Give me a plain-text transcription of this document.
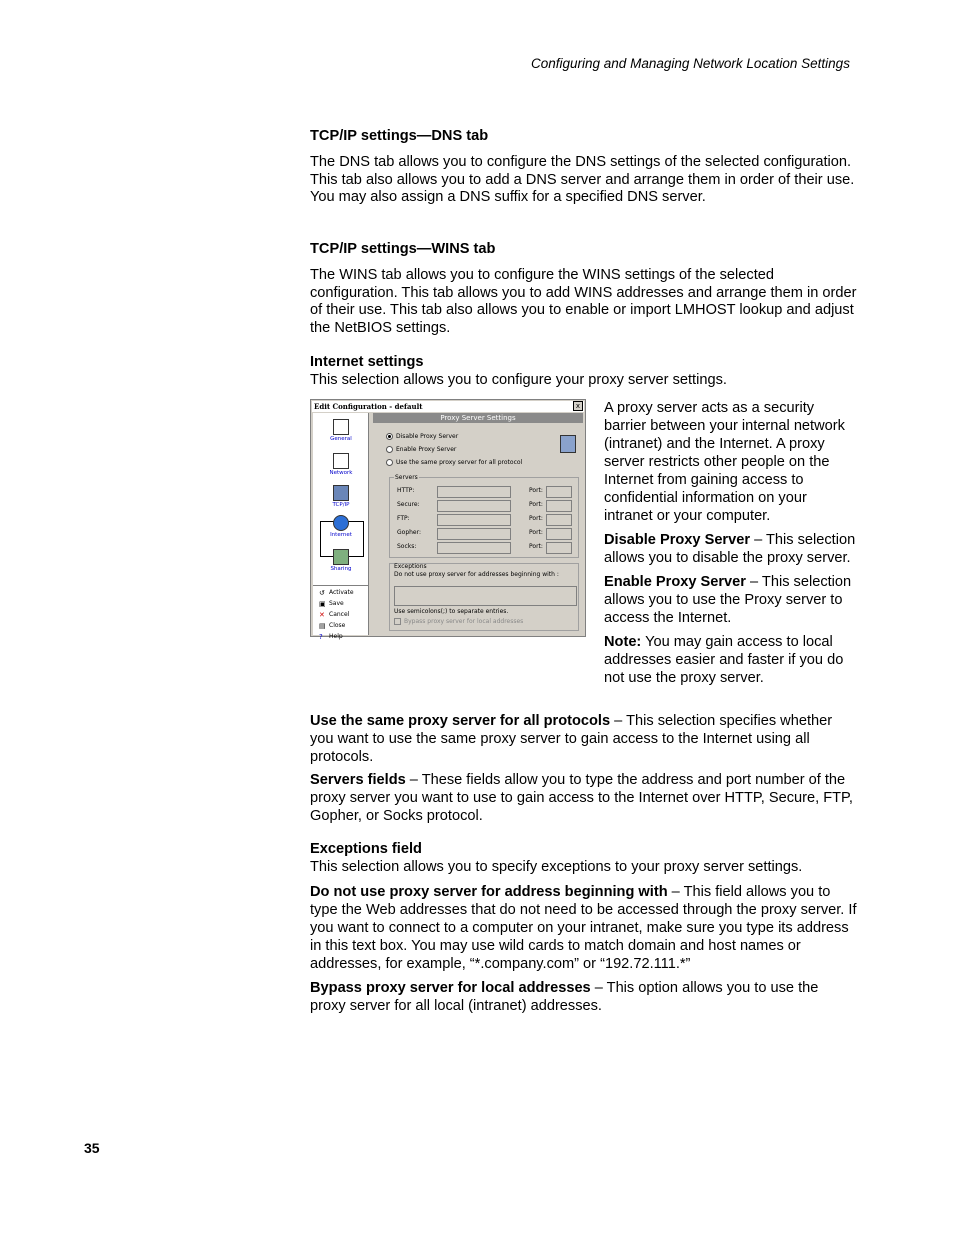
Configuring and Managing Network Location Settings

TCP/IP settings—DNS tab

The DNS tab allows you to configure the DNS settings of the selected configuration. This tab also allows you to add a DNS server and arrange them in order of their use. You may also assign a DNS suffix for a specified DNS server.

TCP/IP settings—WINS tab

The WINS tab allows you to configure the WINS settings of the selected configuration. This tab allows you to add WINS addresses and arrange them in order of their use. This tab also allows you to enable or import LMHOST lookup and adjust the NetBIOS settings.

Internet settings

This selection allows you to configure your proxy server settings.

Edit Configuration - default	x
General
Network
TCP/IP
Internet
Sharing
↺ Activate
▣ Save
✕ Cancel
▤ Close
? Help
Proxy Server Settings
Disable Proxy Server
Enable Proxy Server
Use the same proxy server for all protocol
Servers
HTTP:	Port:
Secure:	Port:
FTP:	Port:
Gopher:	Port:
Socks:	Port:
Exceptions
Do not use proxy server for addresses beginning with :
Use semicolons(;) to separate entries.
Bypass proxy server for local addresses

A proxy server acts as a security barrier between your internal network (intranet) and the Internet. A proxy server restricts other people on the Internet from gaining access to confidential information on your intranet or your computer.

Disable Proxy Server – This selection allows you to disable the proxy server.

Enable Proxy Server – This selection allows you to use the Proxy server to access the Internet.

Note: You may gain access to local addresses easier and faster if you do not use the proxy server.

Use the same proxy server for all protocols – This selection specifies whether you want to use the same proxy server to gain access to the Internet using all protocols.

Servers fields – These fields allow you to type the address and port number of the proxy server you want to use to gain access to the Internet over HTTP, Secure, FTP, Gopher, or Socks protocol.

Exceptions field

This selection allows you to specify exceptions to your proxy server settings.

Do not use proxy server for address beginning with – This field allows you to type the Web addresses that do not need to be accessed through the proxy server. If you want to connect to a computer on your intranet, make sure you type its address in this text box. You may use wild cards to match domain and host names or addresses, for example, “*.company.com” or “192.72.111.*”

Bypass proxy server for local addresses – This option allows you to use the proxy server for all local (intranet) addresses.

35
